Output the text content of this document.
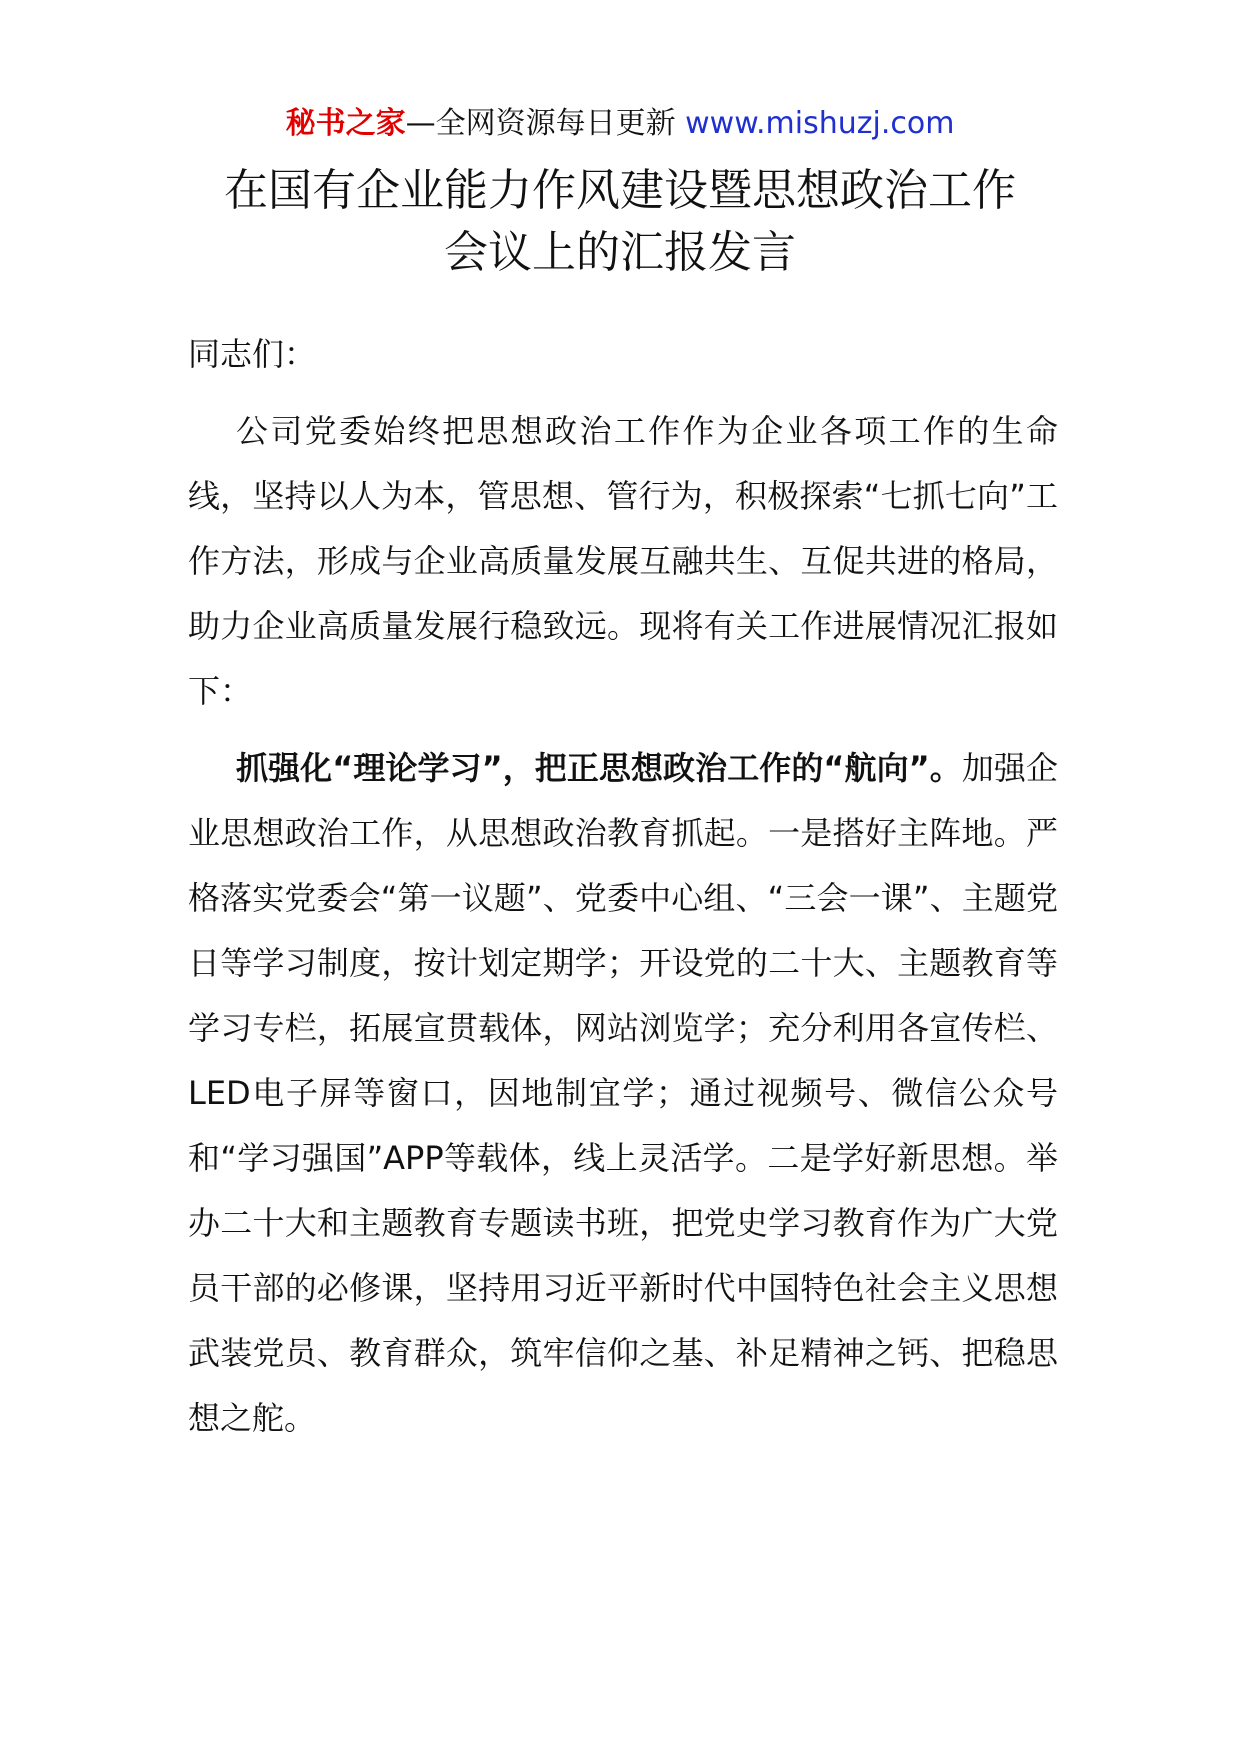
秘书之家—全网资源每日更新 www.mishuzj.com
在国有企业能力作风建设暨思想政治工作
会议上的汇报发言

同志们：

公司党委始终把思想政治工作作为企业各项工作的生命线，坚持以人为本，管思想、管行为，积极探索“七抓七向”工作方法，形成与企业高质量发展互融共生、互促共进的格局，助力企业高质量发展行稳致远。现将有关工作进展情况汇报如下：

抓强化“理论学习”，把正思想政治工作的“航向”。加强企业思想政治工作，从思想政治教育抓起。一是搭好主阵地。严格落实党委会“第一议题”、党委中心组、“三会一课”、主题党日等学习制度，按计划定期学；开设党的二十大、主题教育等学习专栏，拓展宣贯载体，网站浏览学；充分利用各宣传栏、LED电子屏等窗口，因地制宜学；通过视频号、微信公众号和“学习强国”APP等载体，线上灵活学。二是学好新思想。举办二十大和主题教育专题读书班，把党史学习教育作为广大党员干部的必修课，坚持用习近平新时代中国特色社会主义思想武装党员、教育群众，筑牢信仰之基、补足精神之钙、把稳思想之舵。
